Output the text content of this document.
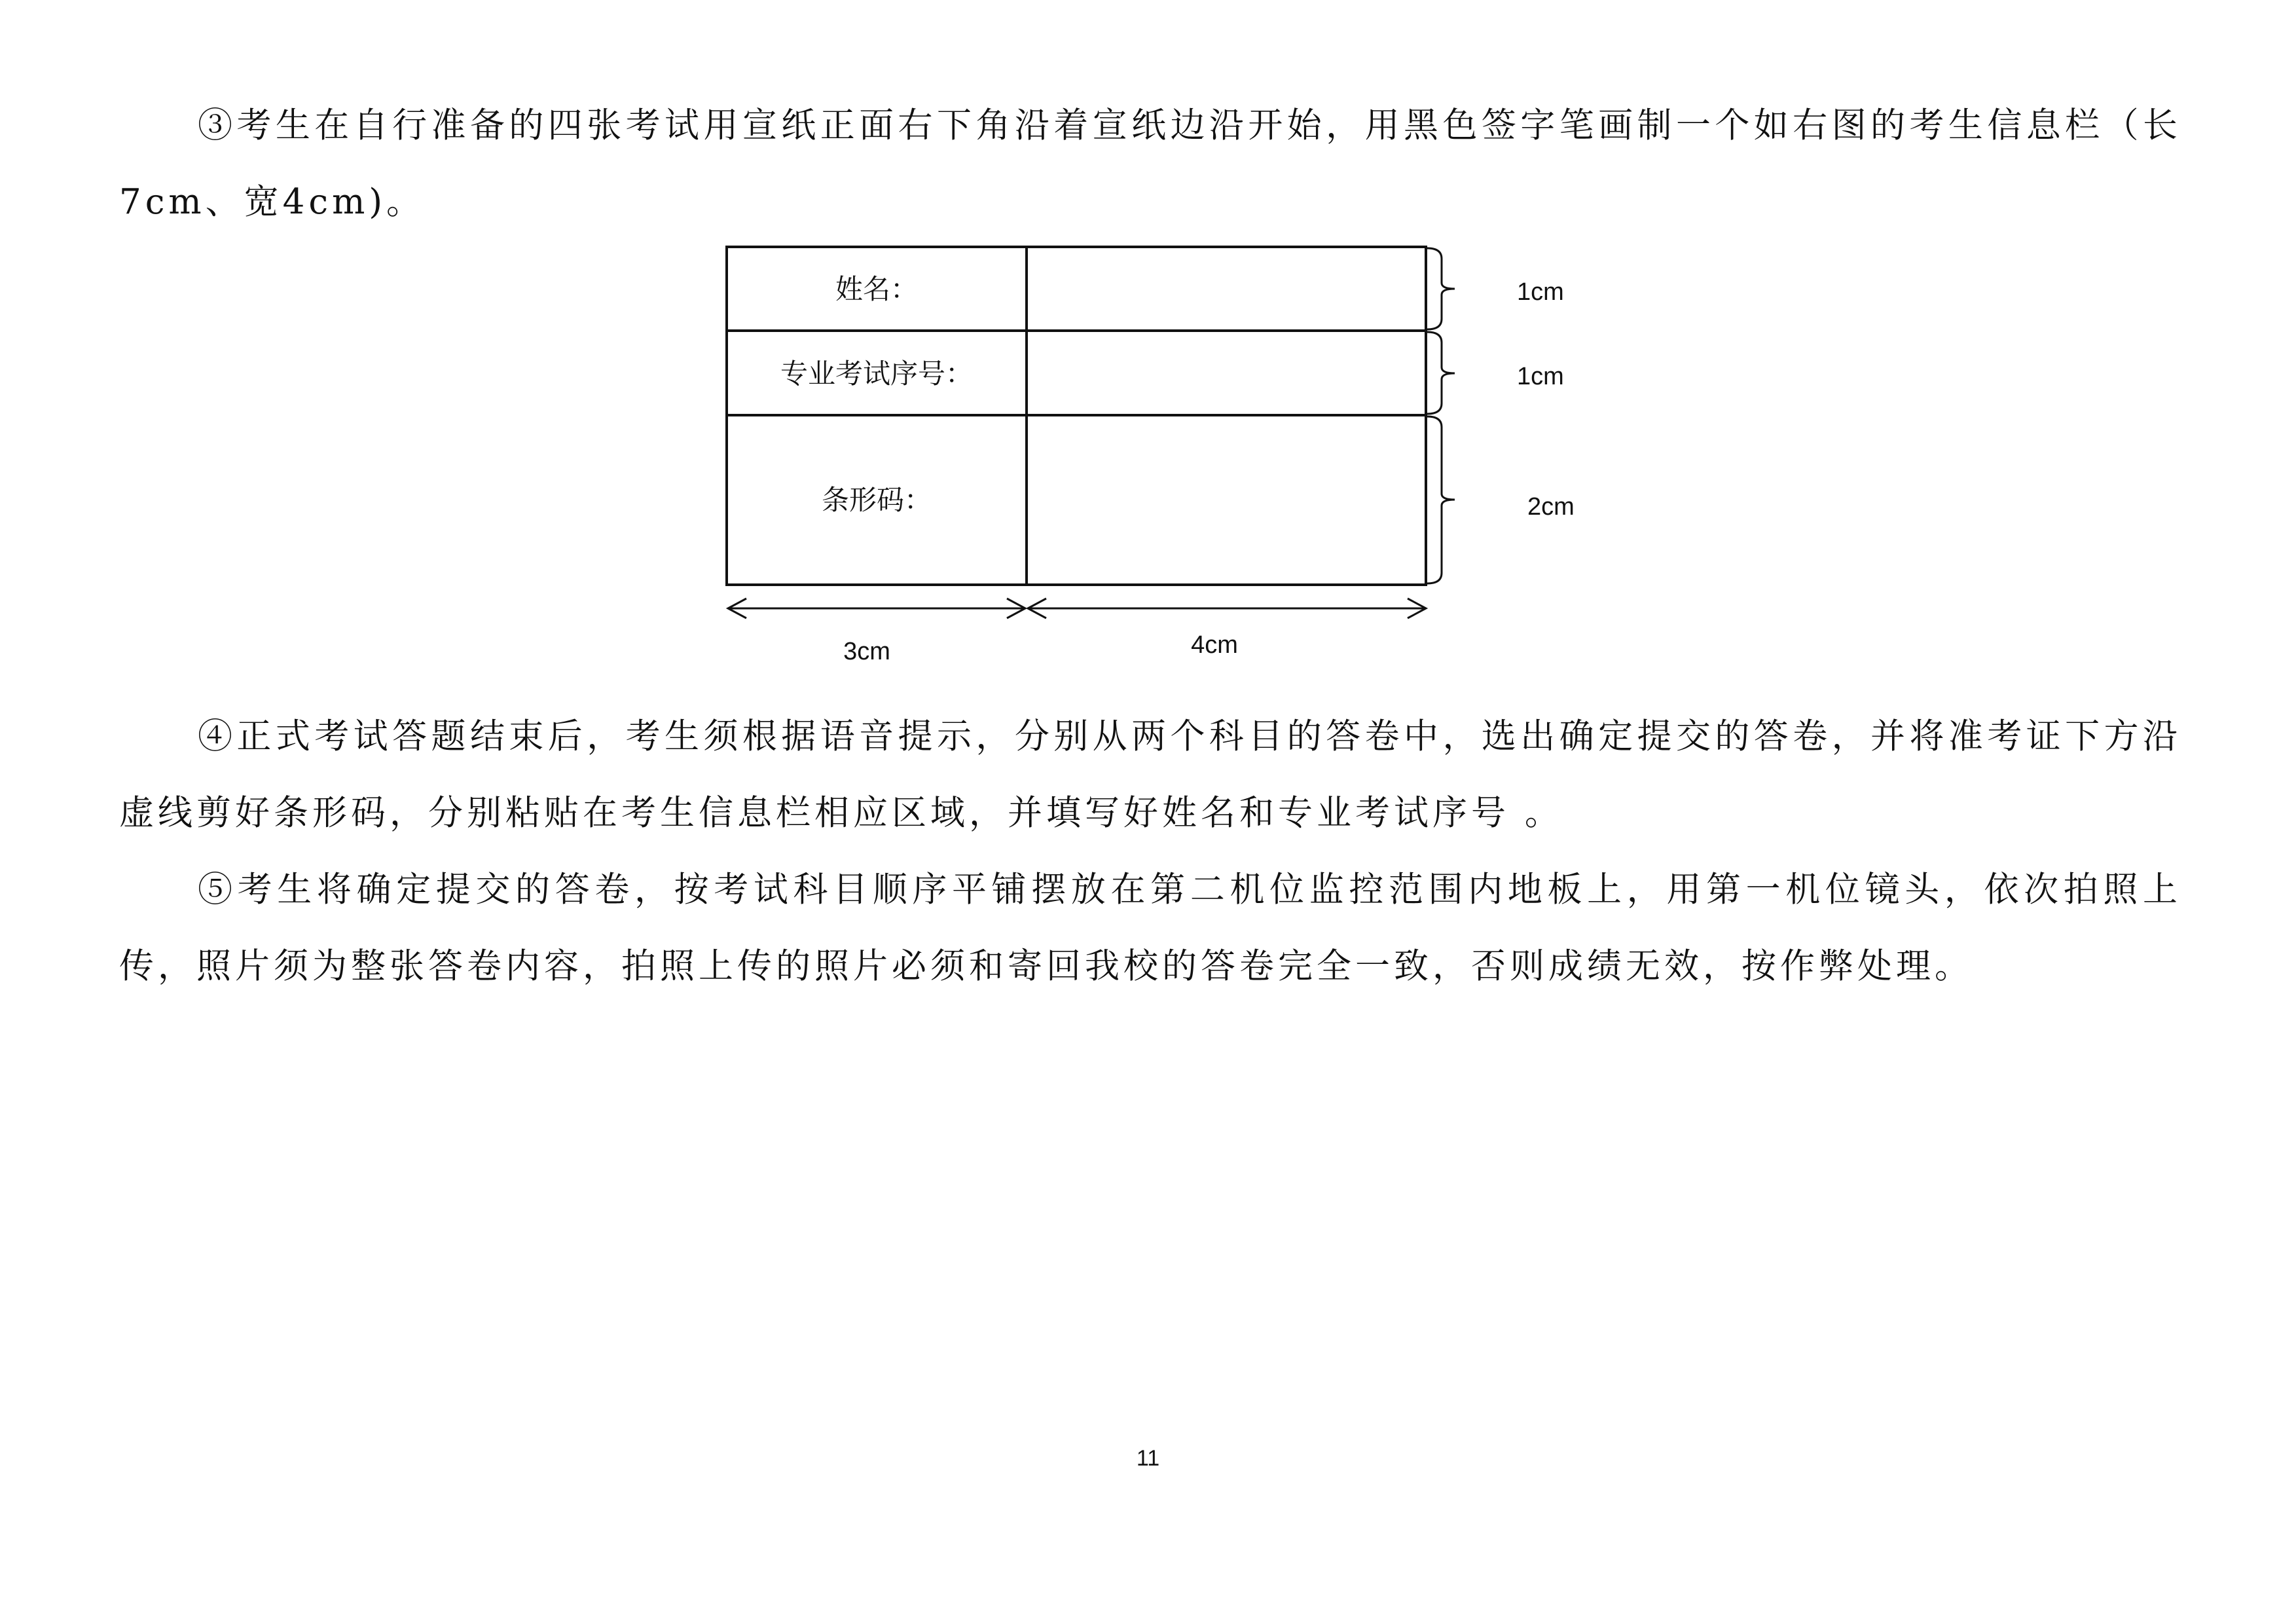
③考生在自行准备的四张考试用宣纸正面右下角沿着宣纸边沿开始，用黑色签字笔画制一个如右图的考生信息栏（长7cm、宽4cm)。

姓名：
专业考试序号：
条形码：
1cm
1cm
2cm
3cm	4cm

④正式考试答题结束后，考生须根据语音提示，分别从两个科目的答卷中，选出确定提交的答卷，并将准考证下方沿虚线剪好条形码，分别粘贴在考生信息栏相应区域，并填写好姓名和专业考试序号 。

⑤考生将确定提交的答卷，按考试科目顺序平铺摆放在第二机位监控范围内地板上，用第一机位镜头，依次拍照上传，照片须为整张答卷内容，拍照上传的照片必须和寄回我校的答卷完全一致，否则成绩无效，按作弊处理。

11
